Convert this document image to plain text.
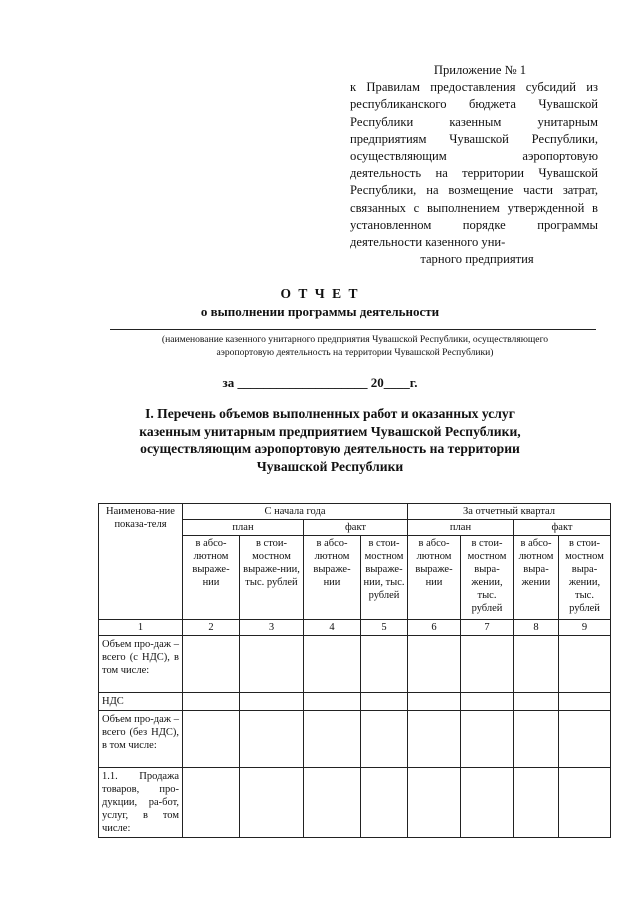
Приложение № 1
к Правилам предоставления субсидий из республиканского бюджета Чувашской Республики казенным унитарным предприятиям Чувашской Республики, осуществляющим аэропортовую деятельность на территории Чувашской Республики, на возмещение части затрат, связанных с выполнением утвержденной в установленном порядке программы деятельности казенного уни-
тарного предприятия
О Т Ч Е Т
о выполнении программы деятельности
(наименование казенного унитарного предприятия Чувашской Республики, осуществляющего аэропортовую деятельность на территории Чувашской Республики)
за ____________________ 20____г.
I. Перечень объемов выполненных работ и оказанных услуг казенным унитарным предприятием Чувашской Республики, осуществляющим аэропортовую деятельность на территории Чувашской Республики
Наименова-ние показа-теля	С начала года				За отчетный квартал			
	план		факт		план		факт	
	в абсо-лютном выраже-нии	в стои-мостном выраже-нии, тыс. рублей	в абсо-лютном выраже-нии	в стои-мостном выраже-нии, тыс. рублей	в абсо-лютном выраже-нии	в стои-мостном выра-жении, тыс. рублей	в абсо-лютном выра-жении	в стои-мостном выра-жении, тыс. рублей
1	2	3	4	5	6	7	8	9
Объем про-даж – всего (с НДС), в том числе:								
НДС								
Объем про-даж – всего (без НДС), в том числе:								
1.1. Продажа товаров, про-дукции, ра-бот, услуг, в том числе:								
